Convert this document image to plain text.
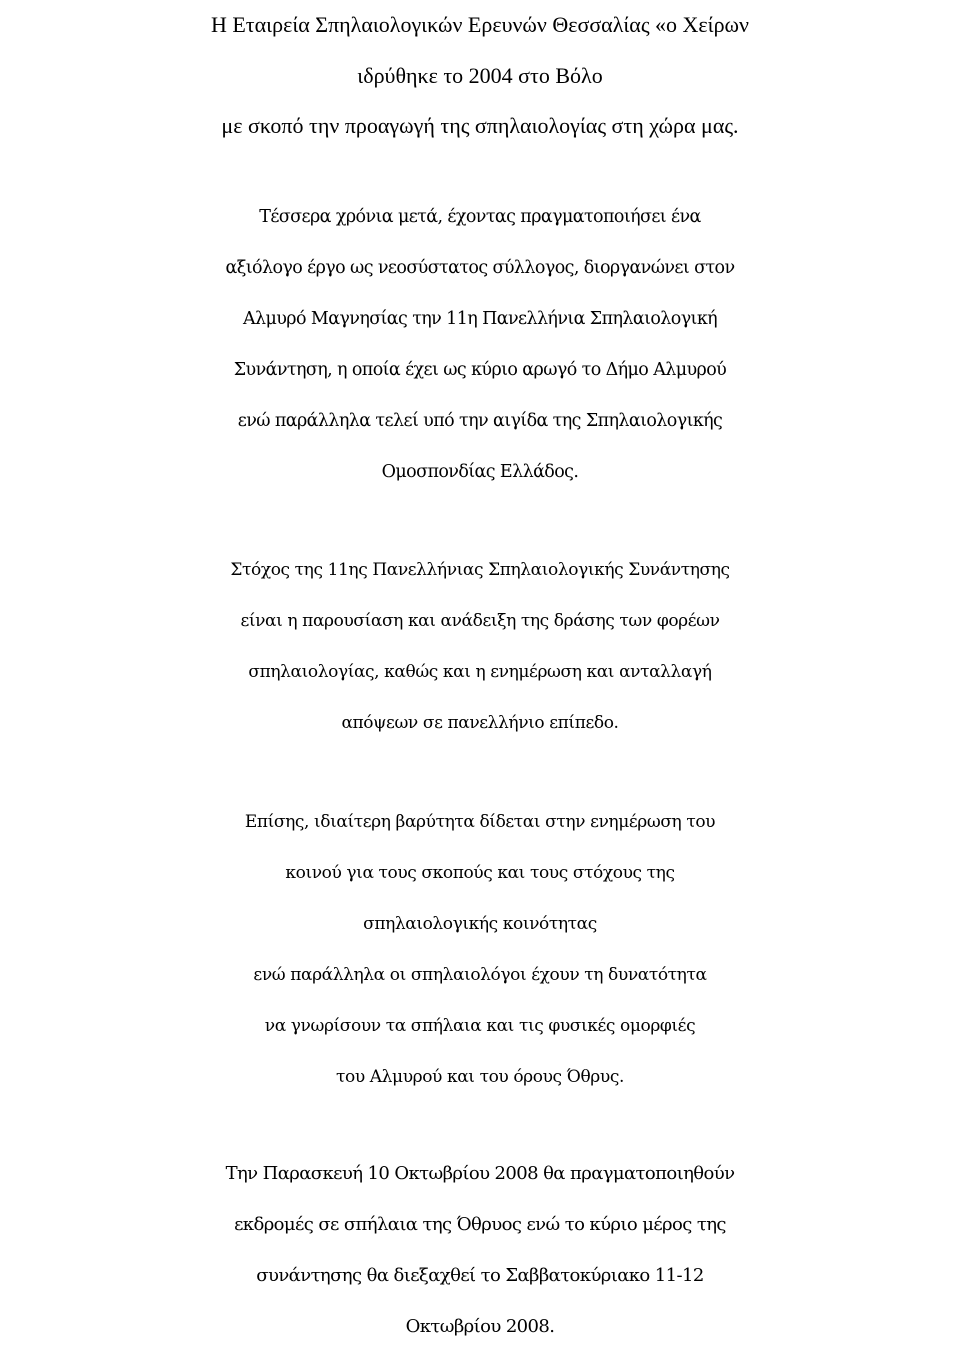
Η Εταιρεία Σπηλαιολογικών Ερευνών Θεσσαλίας «ο Χείρων
ιδρύθηκε το 2004 στο Βόλο
με σκοπό την προαγωγή της σπηλαιολογίας στη χώρα μας.

Τέσσερα χρόνια μετά, έχοντας πραγματοποιήσει ένα
αξιόλογο έργο ως νεοσύστατος σύλλογος, διοργανώνει στον
Αλμυρό Μαγνησίας την 11η Πανελλήνια Σπηλαιολογική
Συνάντηση, η οποία έχει ως κύριο αρωγό το Δήμο Αλμυρού
ενώ παράλληλα τελεί υπό την αιγίδα της Σπηλαιολογικής
Ομοσπονδίας Ελλάδος.

Στόχος της 11ης Πανελλήνιας Σπηλαιολογικής Συνάντησης
είναι η παρουσίαση και ανάδειξη της δράσης των φορέων
σπηλαιολογίας, καθώς και η ενημέρωση και ανταλλαγή
απόψεων σε πανελλήνιο επίπεδο.

Επίσης, ιδιαίτερη βαρύτητα δίδεται στην ενημέρωση του
κοινού για τους σκοπούς και τους στόχους της
σπηλαιολογικής κοινότητας
ενώ παράλληλα οι σπηλαιολόγοι έχουν τη δυνατότητα
να γνωρίσουν τα σπήλαια και τις φυσικές ομορφιές
του Αλμυρού και του όρους Όθρυς.

Την Παρασκευή 10 Οκτωβρίου 2008 θα πραγματοποιηθούν
εκδρομές σε σπήλαια της Όθρυος ενώ το κύριο μέρος της
συνάντησης θα διεξαχθεί το Σαββατοκύριακο 11-12
Οκτωβρίου 2008.
